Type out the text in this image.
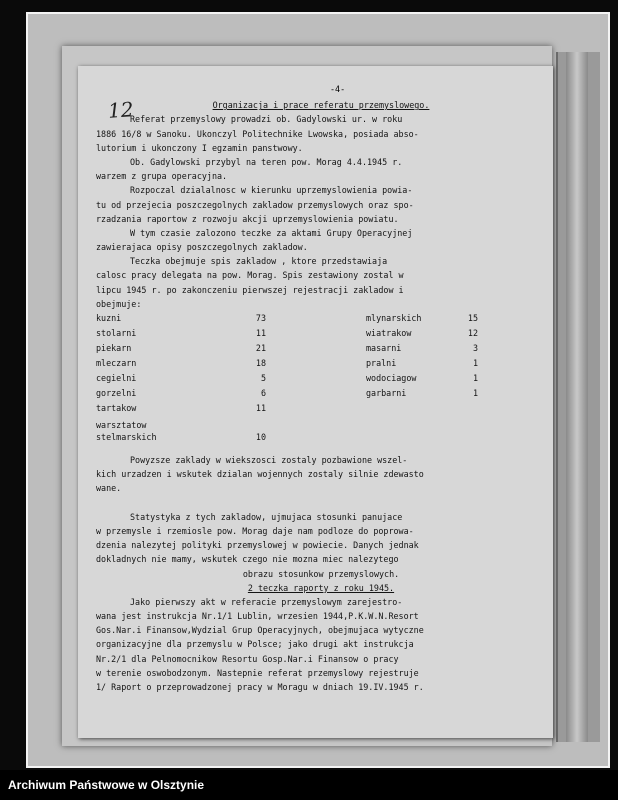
12
-4-
Organizacja i prace referatu przemyslowego.
Referat przemyslowy prowadzi ob. Gadylowski ur. w roku
1886 16/8 w Sanoku. Ukonczyl Politechnike Lwowska, posiada abso-
lutorium i ukonczony I egzamin panstwowy.
Ob. Gadylowski przybyl na teren pow. Morag 4.4.1945 r.
warzem z grupa operacyjna.
Rozpoczal dzialalnosc w kierunku uprzemyslowienia powia-
tu od przejecia poszczegolnych zakladow przemyslowych oraz spo-
rzadzania raportow z rozwoju akcji uprzemyslowienia powiatu.
W tym czasie zalozono teczke za aktami Grupy Operacyjnej
zawierajaca opisy poszczegolnych zakladow.
Teczka obejmuje spis zakladow , ktore przedstawiaja
calosc pracy delegata na pow. Morag. Spis zestawiony zostal w
lipcu 1945 r. po zakonczeniu pierwszej rejestracji zakladow i
obejmuje:
kuzni	73
stolarni	11
piekarn	21
mleczarn	18
cegielni	5
gorzelni	6
tartakow	11
warsztatow
stelmarskich	10
mlynarskich	15
wiatrakow	12
masarni	3
pralni	1
wodociagow	1
garbarni	1
Powyzsze zaklady w wiekszosci zostaly pozbawione wszel-
kich urzadzen i wskutek dzialan wojennych zostaly silnie zdewasto
wane.
Statystyka z tych zakladow, ujmujaca stosunki panujace
w przemysle i rzemiosle pow. Morag daje nam podloze do poprowa-
dzenia nalezytej polityki przemyslowej w powiecie. Danych jednak
dokladnych nie mamy, wskutek czego nie mozna miec nalezytego
obrazu stosunkow przemyslowych.
2 teczka raporty z roku 1945.
Jako pierwszy akt w referacie przemyslowym zarejestro-
wana jest instrukcja Nr.1/1 Lublin, wrzesien 1944,P.K.W.N.Resort
Gos.Nar.i Finansow,Wydzial Grup Operacyjnych, obejmujaca wytyczne
organizacyjne dla przemyslu w Polsce; jako drugi akt instrukcja
Nr.2/1 dla Pelnomocnikow Resortu Gosp.Nar.i Finansow o pracy
w terenie oswobodzonym. Nastepnie referat przemyslowy rejestruje
1/ Raport o przeprowadzonej pracy w Moragu w dniach 19.IV.1945 r.
Archiwum Państwowe w Olsztynie
